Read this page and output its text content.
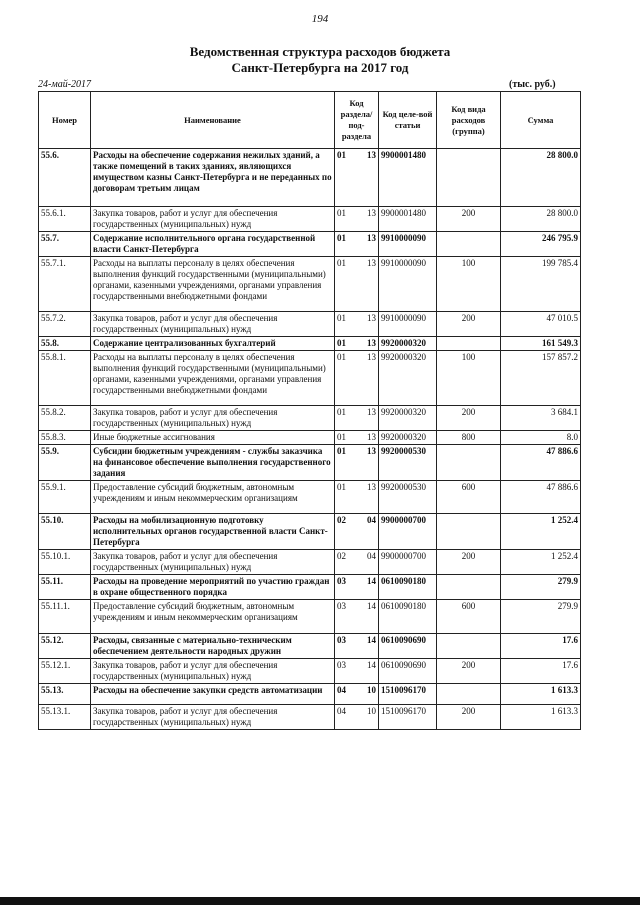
194
Ведомственная структура расходов бюджета
Санкт-Петербурга на 2017 год
24-май-2017	(тыс. руб.)
Номер	Наименование	Код раздела/ под-раздела		Код целе-вой статьи	Код вида расходов (группа)	Сумма
55.6.	Расходы на обеспечение содержания нежилых зданий, а также помещений в таких зданиях, являющихся имуществом казны Санкт-Петербурга и не переданных по договорам третьим лицам	01	13	9900001480		28 800.0
55.6.1.	Закупка товаров, работ и услуг для обеспечения государственных (муниципальных) нужд	01	13	9900001480	200	28 800.0
55.7.	Содержание исполнительного органа государственной власти Санкт-Петербурга	01	13	9910000090		246 795.9
55.7.1.	Расходы на выплаты персоналу в целях обеспечения выполнения функций государственными (муниципальными) органами, казенными учреждениями, органами управления государственными внебюджетными фондами	01	13	9910000090	100	199 785.4
55.7.2.	Закупка товаров, работ и услуг для обеспечения государственных (муниципальных) нужд	01	13	9910000090	200	47 010.5
55.8.	Содержание централизованных бухгалтерий	01	13	9920000320		161 549.3
55.8.1.	Расходы на выплаты персоналу в целях обеспечения выполнения функций государственными (муниципальными) органами, казенными учреждениями, органами управления государственными внебюджетными фондами	01	13	9920000320	100	157 857.2
55.8.2.	Закупка товаров, работ и услуг для обеспечения государственных (муниципальных) нужд	01	13	9920000320	200	3 684.1
55.8.3.	Иные бюджетные ассигнования	01	13	9920000320	800	8.0
55.9.	Субсидии бюджетным учреждениям - службы заказчика на финансовое обеспечение выполнения государственного задания	01	13	9920000530		47 886.6
55.9.1.	Предоставление субсидий бюджетным, автономным учреждениям и иным некоммерческим организациям	01	13	9920000530	600	47 886.6
55.10.	Расходы на мобилизационную подготовку исполнительных органов государственной власти Санкт-Петербурга	02	04	9900000700		1 252.4
55.10.1.	Закупка товаров, работ и услуг для обеспечения государственных (муниципальных) нужд	02	04	9900000700	200	1 252.4
55.11.	Расходы на проведение мероприятий по участию граждан в охране общественного порядка	03	14	0610090180		279.9
55.11.1.	Предоставление субсидий бюджетным, автономным учреждениям и иным некоммерческим организациям	03	14	0610090180	600	279.9
55.12.	Расходы, связанные с материально-техническим обеспечением деятельности народных дружин	03	14	0610090690		17.6
55.12.1.	Закупка товаров, работ и услуг для обеспечения государственных (муниципальных) нужд	03	14	0610090690	200	17.6
55.13.	Расходы на обеспечение закупки средств автоматизации	04	10	1510096170		1 613.3
55.13.1.	Закупка товаров, работ и услуг для обеспечения государственных (муниципальных) нужд	04	10	1510096170	200	1 613.3
